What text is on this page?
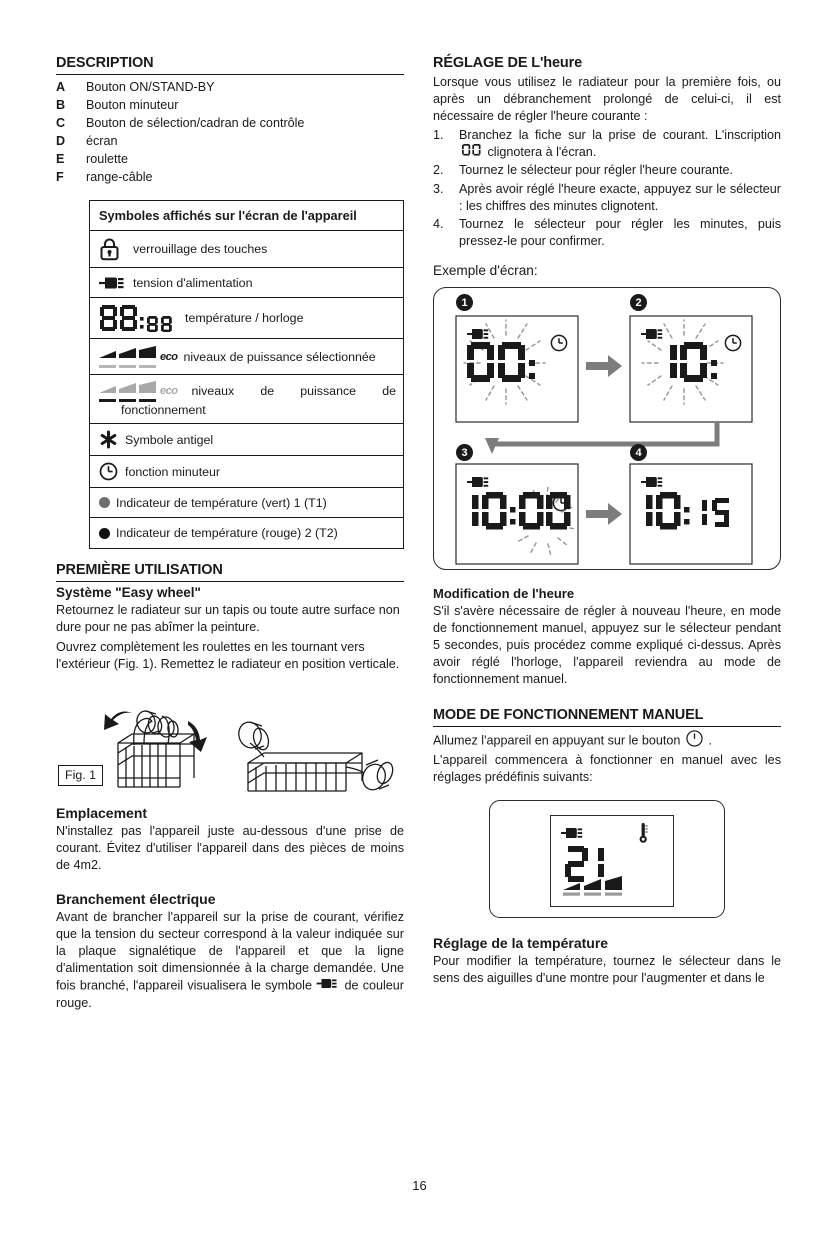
DESCRIPTION
A	Bouton ON/STAND-BY
B	Bouton minuteur
C	Bouton de sélection/cadran de contrôle
D	écran
E	roulette
F	range-câble
Symboles affichés sur l'écran de l'appareil
verrouillage des touches
tension d'alimentation
température / horloge
eco niveaux de puissance sélectionnée
eco	niveaux de puissance de
fonctionnement
Symbole antigel
fonction minuteur
Indicateur de température (vert) 1 (T1)
Indicateur de température (rouge) 2 (T2)
PREMIÈRE UTILISATION
Système "Easy wheel"

Retournez le radiateur sur un tapis ou toute autre surface non dure pour ne pas abîmer la peinture.

Ouvrez complètement les roulettes en les tournant vers l'extérieur (Fig. 1). Remettez le radiateur en position verticale.

Fig. 1
Emplacement

N'installez pas l'appareil juste au-dessous d'une prise de courant. Évitez d'utiliser l'appareil dans des pièces de moins de 4m2.

Branchement électrique

Avant de brancher l'appareil sur la prise de courant, vérifiez que la tension du secteur correspond à la valeur indiquée sur la plaque signalétique de l'appareil et que la ligne d'alimentation soit dimensionnée à la charge demandée. Une fois branché, l'appareil visualisera le symbole	de couleur rouge.

RÉGLAGE DE L'heure

Lorsque vous utilisez le radiateur pour la première fois, ou après un débranchement prolongé de celui-ci, il est nécessaire de régler l'heure courante :

1.	Branchez la fiche sur la prise de courant. L'inscription  clignotera à l'écran.
2.	Tournez le sélecteur pour régler l'heure courante.
3.	Après avoir réglé l'heure exacte, appuyez sur le sélecteur : les chiffres des minutes clignotent.
4.	Tournez le sélecteur pour régler les minutes, puis pressez-le pour confirmer.
Exemple d'écran:
1	2
3	4
Modification de l'heure

S'il s'avère nécessaire de régler à nouveau l'heure, en mode de fonctionnement manuel, appuyez sur le sélecteur pendant 5 secondes, puis procédez comme expliqué ci-dessus. Après avoir réglé l'horloge, l'appareil reviendra au mode de fonctionnement manuel.

MODE DE FONCTIONNEMENT MANUEL

Allumez l'appareil en appuyant sur le bouton .

L'appareil commencera à fonctionner en manuel avec les réglages prédéfinis suivants:

Réglage de la température

Pour modifier la température, tournez le sélecteur dans le sens des aiguilles d'une montre pour l'augmenter et dans le

16
